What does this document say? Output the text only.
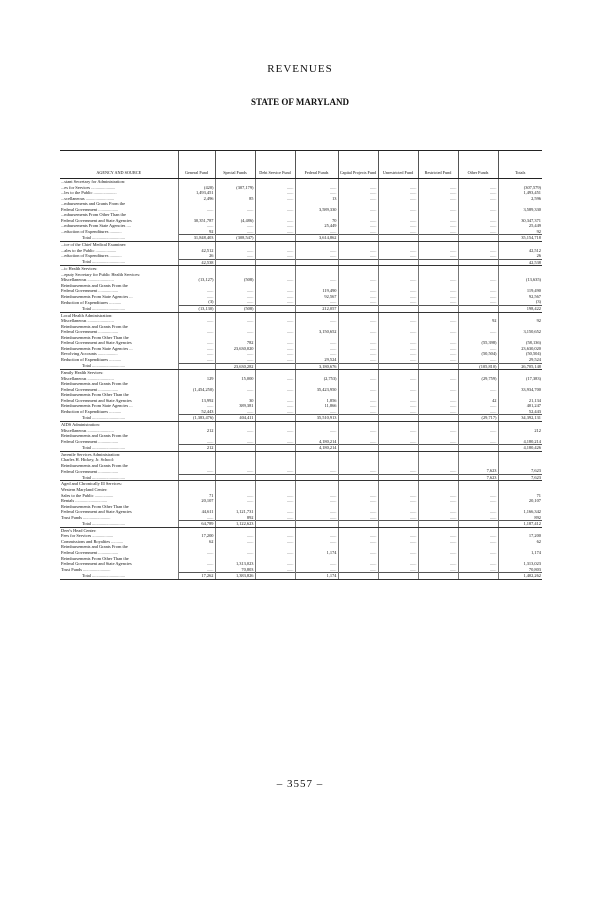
REVENUES
STATE OF MARYLAND
AGENCY AND SOURCE	General Fund	Special Funds	Debt Service Fund	Federal Funds	Capital Projects Fund	Unrestricted Fund	Restricted Fund	Other Funds	Totals
...stant Secretary for Administration:									
...es for Services ......................	(420)	(307,179)	......	......	......	......	......	......	(307,579)
...les to the Public .....................	1,493,451		......	......	......	......	......	......	1,493,451
...scellaneous ..........................	2,496	85	......	13	......	......	......	......	2,596
...mbursements and Grants From the									
Federal Government ..................	......	......	......	3,589,330	......	......	......	......	3,589,330
...mbursements From Other Than the									
Federal Government and State Agencies	30,351,787	(4,486)	......	70	......	......	......	......	30,347,371
...mbursements From State Agencies ....	......	......	......	25,449	......	......	......	......	25,449
...eduction of Expenditures ...........	92	......	......	......	......	......	......	......	92
Total ..............................	31,848,403	(308,547)		3,614,862					35,154,718
...ice of the Chief Medical Examiner:									
...ales to the Public ...................	42,512	......	......	......	......	......	......	......	42,512
...eduction of Expenditures ...........	26	......	......	......	......	......	......	......	26
Total ..............................	42,538								42,538
...ic Health Services:									
...eputy Secretary for Public Health Services:									
Miscellaneous ........................	(13,127)	(508)	......	......	......	......	......	......	(13,635)
Reimbursements and Grants From the									
Federal Government ..................	......	......	......	119,490	......	......	......	......	119,490
Reimbursements From State Agencies ...	......	......	......	92,567	......	......	......	......	92,567
Reduction of Expenditures ...........	(3)	......	......	......	......	......	......	......	(3)
Total ..............................	(13,130)	(508)		212,057					198,422
Local Health Administration:									
Miscellaneous ........................	......	......	......	......	......	......	......	92	92
Reimbursements and Grants From the									
Federal Government ..................	......	......	......	3,150,652	......	......	......	......	3,150,652
Reimbursements From Other Than the									
Federal Government and State Agencies	......	782	......	......	......	......	......	(55,398)	(58,136)
Reimbursements From State Agencies ...	......	23,630,020	......	......	......	......	......	......	23,630,020
Revolving Accounts ..................	......	......	......	......	......	......	......	(50,504)	(50,504)
Reduction of Expenditures ...........	......	......	......	29,524	......	......	......	......	29,524
Total ..............................		23,630,282		3,180,676				(105,810)	26,705,148
Family Health Services:									
Miscellaneous ........................	129	15,000	......	(2,753)	......	......	......	(29,759)	(17,383)
Reimbursements and Grants From the									
Federal Government ..................	(1,454,250)	......	......	35,423,950	......	......	......	......	33,934,700
Reimbursements From Other Than the									
Federal Government and State Agencies	13,992	30	......	1,856	......	......	......	42	21,134
Reimbursements From State Agencies ...	......	389,381	......	11,866	......	......	......	......	401,247
Reduction of Expenditures ...........	52,443	......	......	......	......	......	......	......	52,443
Total ..............................	(1,383,476)	404,411		35,510,913				(29,717)	34,392,131
AIDS Administration:									
Miscellaneous ........................	212	......	......	......	......	......	......	......	212
Reimbursements and Grants From the									
Federal Government ..................	......	......	......	4,180,214	......	......	......	......	4,180,214
Total ..............................	212			4,180,214					4,180,426
Juvenile Services Administration:									
Charles H. Hickey, Jr. School:									
Reimbursements and Grants From the									
Federal Government ..................	......	......	......	......	......	......	......	7,623	7,623
Total ..............................								7,623	7,623
Aged and Chronically Ill Services:									
Western Maryland Center:									
Sales to the Public .................	71	......	......	......	......	......	......	......	71
Rentals .............................	20,107	......	......	......	......	......	......	......	20,107
Reimbursements From Other Than the									
Federal Government and State Agencies	44,611	1,121,731	......	......	......	......	......	......	1,166,342
Trust Funds .........................	......	892	......	......	......	......	......	......	892
Total ..............................	64,789	1,122,623							1,187,412
Deer's Head Center:									
Fees for Services ...................	17,200	......	......	......	......	......	......	......	17,200
Commissions and Royalties ...........	62	......	......	......	......	......	......	......	62
Reimbursements and Grants From the									
Federal Government ..................	......	......	......	1,174	......	......	......	......	1,174
Reimbursements From Other Than the									
Federal Government and State Agencies	......	1,313,023	......	......	......	......	......	......	1,313,023
Trust Funds .........................	......	70,803	......	......	......	......	......	......	70,803
Total ..............................	17,262	1,383,826		1,174					1,402,262
– 3557 –
